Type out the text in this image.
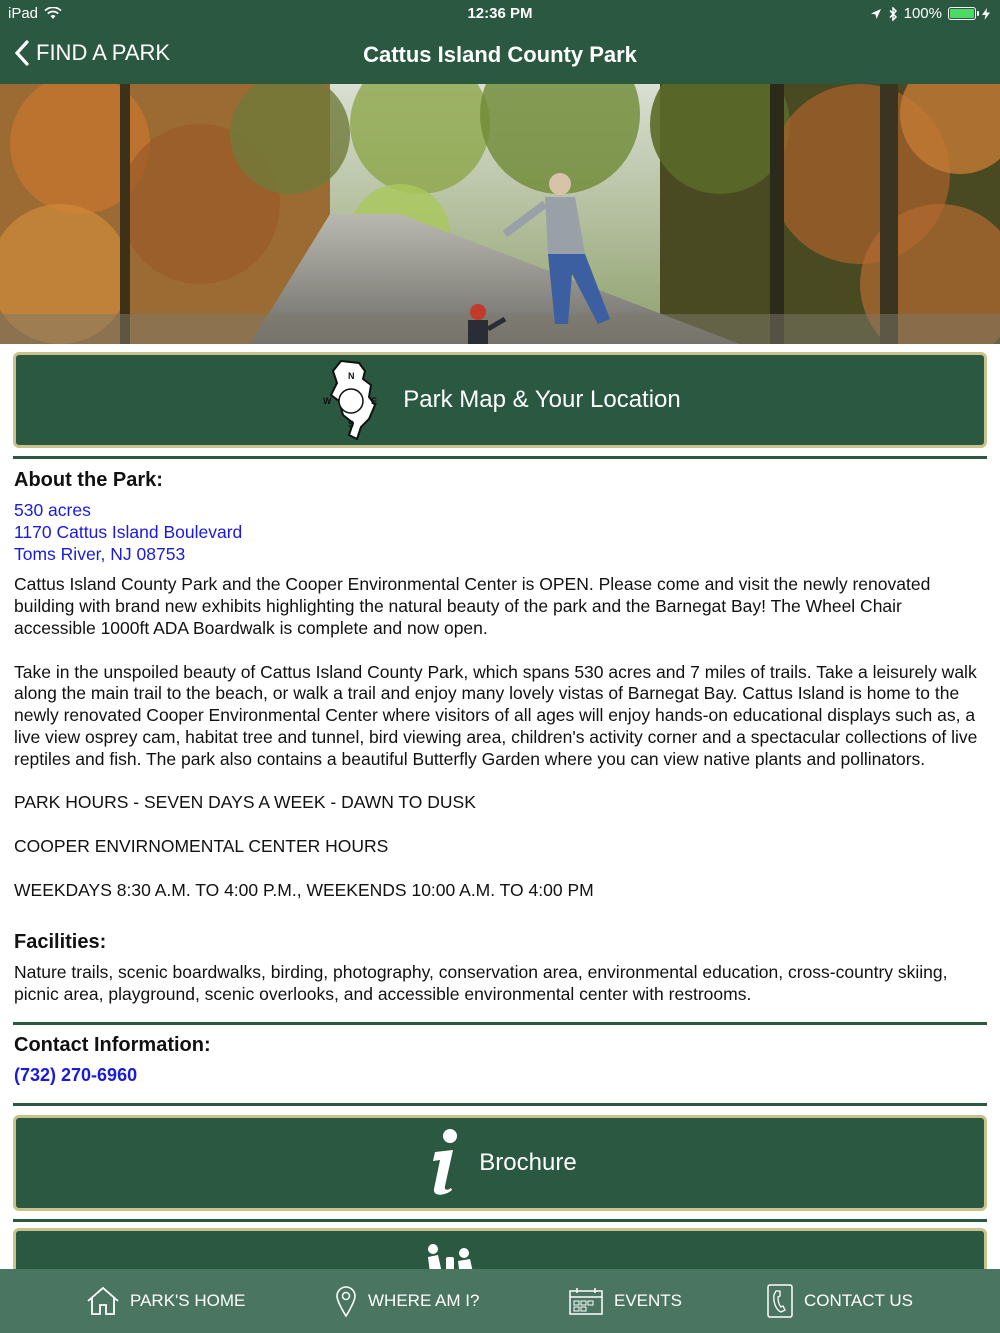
iPad	12:36 PM	100%
FIND A PARK	Cattus Island County Park
N
E
S
W	Park Map & Your Location
About the Park:
530 acres
1170 Cattus Island Boulevard
Toms River, NJ 08753
Cattus Island County Park and the Cooper Environmental Center is OPEN. Please come and visit the newly renovated building with brand new exhibits highlighting the natural beauty of the park and the Barnegat Bay! The Wheel Chair accessible 1000ft ADA Boardwalk is complete and now open.
Take in the unspoiled beauty of Cattus Island County Park, which spans 530 acres and 7 miles of trails. Take a leisurely walk along the main trail to the beach, or walk a trail and enjoy many lovely vistas of Barnegat Bay. Cattus Island is home to the newly renovated Cooper Environmental Center where visitors of all ages will enjoy hands-on educational displays such as, a live view osprey cam, habitat tree and tunnel, bird viewing area, children's activity corner and a spectacular collections of live reptiles and fish. The park also contains a beautiful Butterfly Garden where you can view native plants and pollinators.
PARK HOURS - SEVEN DAYS A WEEK - DAWN TO DUSK
COOPER ENVIRNOMENTAL CENTER HOURS
WEEKDAYS 8:30 A.M. TO 4:00 P.M., WEEKENDS 10:00 A.M. TO 4:00 PM
Facilities:
Nature trails, scenic boardwalks, birding, photography, conservation area, environmental education, cross-country skiing, picnic area, playground, scenic overlooks, and accessible environmental center with restrooms.
Contact Information:
(732) 270-6960
Brochure
PARK'S HOME	WHERE AM I?	EVENTS	CONTACT US
